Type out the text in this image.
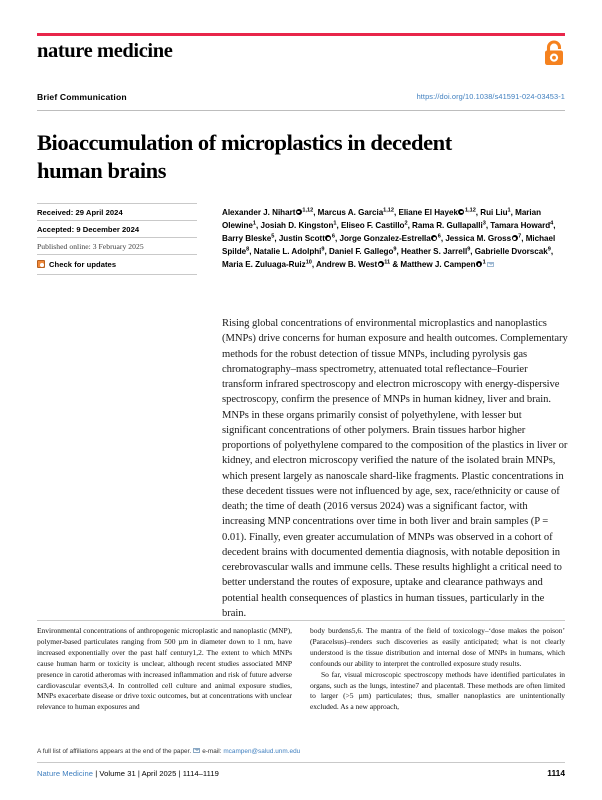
nature medicine
Brief Communication	https://doi.org/10.1038/s41591-024-03453-1
Bioaccumulation of microplastics in decedent human brains
Received: 29 April 2024
Accepted: 9 December 2024
Published online: 3 February 2025
Check for updates
Alexander J. Nihart $^{1,12}$, Marcus A. Garcia$^{1,12}$, Eliane El Hayek $^{1,12}$, Rui Liu$^1$, Marian Olewine$^1$, Josiah D. Kingston$^1$, Eliseo F. Castillo$^2$, Rama R. Gullapalli$^3$, Tamara Howard$^4$, Barry Bleske$^5$, Justin Scott $^6$, Jorge Gonzalez-Estrella $^6$, Jessica M. Gross $^7$, Michael Spilde$^8$, Natalie L. Adolphi$^9$, Daniel F. Gallego$^9$, Heather S. Jarrell$^9$, Gabrielle Dvorscak$^9$, Maria E. Zuluaga-Ruiz$^{10}$, Andrew B. West $^{11}$ & Matthew J. Campen $^1$
Rising global concentrations of environmental microplastics and nanoplastics (MNPs) drive concerns for human exposure and health outcomes. Complementary methods for the robust detection of tissue MNPs, including pyrolysis gas chromatography–mass spectrometry, attenuated total reflectance–Fourier transform infrared spectroscopy and electron microscopy with energy-dispersive spectroscopy, confirm the presence of MNPs in human kidney, liver and brain. MNPs in these organs primarily consist of polyethylene, with lesser but significant concentrations of other polymers. Brain tissues harbor higher proportions of polyethylene compared to the composition of the plastics in liver or kidney, and electron microscopy verified the nature of the isolated brain MNPs, which present largely as nanoscale shard-like fragments. Plastic concentrations in these decedent tissues were not influenced by age, sex, race/ethnicity or cause of death; the time of death (2016 versus 2024) was a significant factor, with increasing MNP concentrations over time in both liver and brain samples (P = 0.01). Finally, even greater accumulation of MNPs was observed in a cohort of decedent brains with documented dementia diagnosis, with notable deposition in cerebrovascular walls and immune cells. These results highlight a critical need to better understand the routes of exposure, uptake and clearance pathways and potential health consequences of plastics in human tissues, particularly in the brain.

Environmental concentrations of anthropogenic microplastic and nanoplastic (MNP), polymer-based particulates ranging from 500 µm in diameter down to 1 nm, have increased exponentially over the past half century1,2. The extent to which MNPs cause human harm or toxicity is unclear, although recent studies associated MNP presence in carotid atheromas with increased inflammation and risk of future adverse cardiovascular events3,4. In controlled cell culture and animal exposure studies, MNPs exacerbate disease or drive toxic outcomes, but at concentrations with unclear relevance to human exposures and

body burdens5,6. The mantra of the field of toxicology–‘dose makes the poison’ (Paracelsus)–renders such discoveries as easily anticipated; what is not clearly understood is the tissue distribution and internal dose of MNPs in humans, which confounds our ability to interpret the controlled exposure study results.

So far, visual microscopic spectroscopy methods have identified particulates in organs, such as the lungs, intestine7 and placenta8. These methods are often limited to larger (>5 µm) particulates; thus, smaller nanoplastics are unintentionally excluded. As a new approach,

A full list of affiliations appears at the end of the paper. e-mail: mcampen@salud.unm.edu
Nature Medicine | Volume 31 | April 2025 | 1114–1119	1114
